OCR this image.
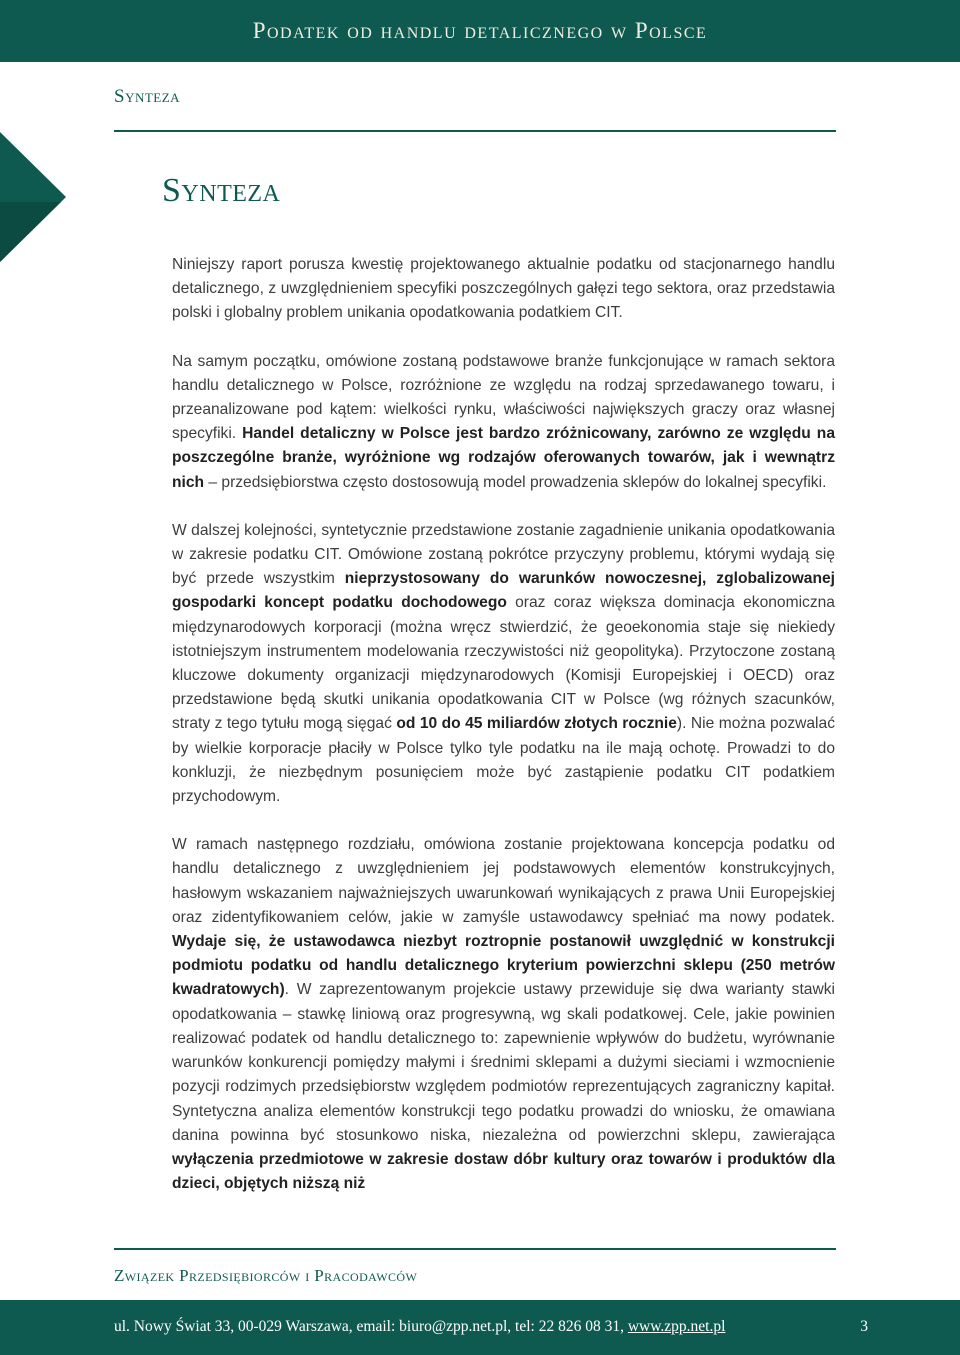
Podatek od handlu detalicznego w Polsce
Synteza
Synteza

Niniejszy raport porusza kwestię projektowanego aktualnie podatku od stacjonarnego handlu detalicznego, z uwzględnieniem specyfiki poszczególnych gałęzi tego sektora, oraz przedstawia polski i globalny problem unikania opodatkowania podatkiem CIT.

Na samym początku, omówione zostaną podstawowe branże funkcjonujące w ramach sektora handlu detalicznego w Polsce, rozróżnione ze względu na rodzaj sprzedawanego towaru, i przeanalizowane pod kątem: wielkości rynku, właściwości największych graczy oraz własnej specyfiki. Handel detaliczny w Polsce jest bardzo zróżnicowany, zarówno ze względu na poszczególne branże, wyróżnione wg rodzajów oferowanych towarów, jak i wewnątrz nich – przedsiębiorstwa często dostosowują model prowadzenia sklepów do lokalnej specyfiki.

W dalszej kolejności, syntetycznie przedstawione zostanie zagadnienie unikania opodatkowania w zakresie podatku CIT. Omówione zostaną pokrótce przyczyny problemu, którymi wydają się być przede wszystkim nieprzystosowany do warunków nowoczesnej, zglobalizowanej gospodarki koncept podatku dochodowego oraz coraz większa dominacja ekonomiczna międzynarodowych korporacji (można wręcz stwierdzić, że geoekonomia staje się niekiedy istotniejszym instrumentem modelowania rzeczywistości niż geopolityka). Przytoczone zostaną kluczowe dokumenty organizacji międzynarodowych (Komisji Europejskiej i OECD) oraz przedstawione będą skutki unikania opodatkowania CIT w Polsce (wg różnych szacunków, straty z tego tytułu mogą sięgać od 10 do 45 miliardów złotych rocznie). Nie można pozwalać by wielkie korporacje płaciły w Polsce tylko tyle podatku na ile mają ochotę. Prowadzi to do konkluzji, że niezbędnym posunięciem może być zastąpienie podatku CIT podatkiem przychodowym.

W ramach następnego rozdziału, omówiona zostanie projektowana koncepcja podatku od handlu detalicznego z uwzględnieniem jej podstawowych elementów konstrukcyjnych, hasłowym wskazaniem najważniejszych uwarunkowań wynikających z prawa Unii Europejskiej oraz zidentyfikowaniem celów, jakie w zamyśle ustawodawcy spełniać ma nowy podatek. Wydaje się, że ustawodawca niezbyt roztropnie postanowił uwzględnić w konstrukcji podmiotu podatku od handlu detalicznego kryterium powierzchni sklepu (250 metrów kwadratowych). W zaprezentowanym projekcie ustawy przewiduje się dwa warianty stawki opodatkowania – stawkę liniową oraz progresywną, wg skali podatkowej. Cele, jakie powinien realizować podatek od handlu detalicznego to: zapewnienie wpływów do budżetu, wyrównanie warunków konkurencji pomiędzy małymi i średnimi sklepami a dużymi sieciami i wzmocnienie pozycji rodzimych przedsiębiorstw względem podmiotów reprezentujących zagraniczny kapitał. Syntetyczna analiza elementów konstrukcji tego podatku prowadzi do wniosku, że omawiana danina powinna być stosunkowo niska, niezależna od powierzchni sklepu, zawierająca wyłączenia przedmiotowe w zakresie dostaw dóbr kultury oraz towarów i produktów dla dzieci, objętych niższą niż

Związek Przedsiębiorców i Pracodawców
ul. Nowy Świat 33, 00-029 Warszawa, email: biuro@zpp.net.pl, tel: 22 826 08 31, www.zpp.net.pl	3
